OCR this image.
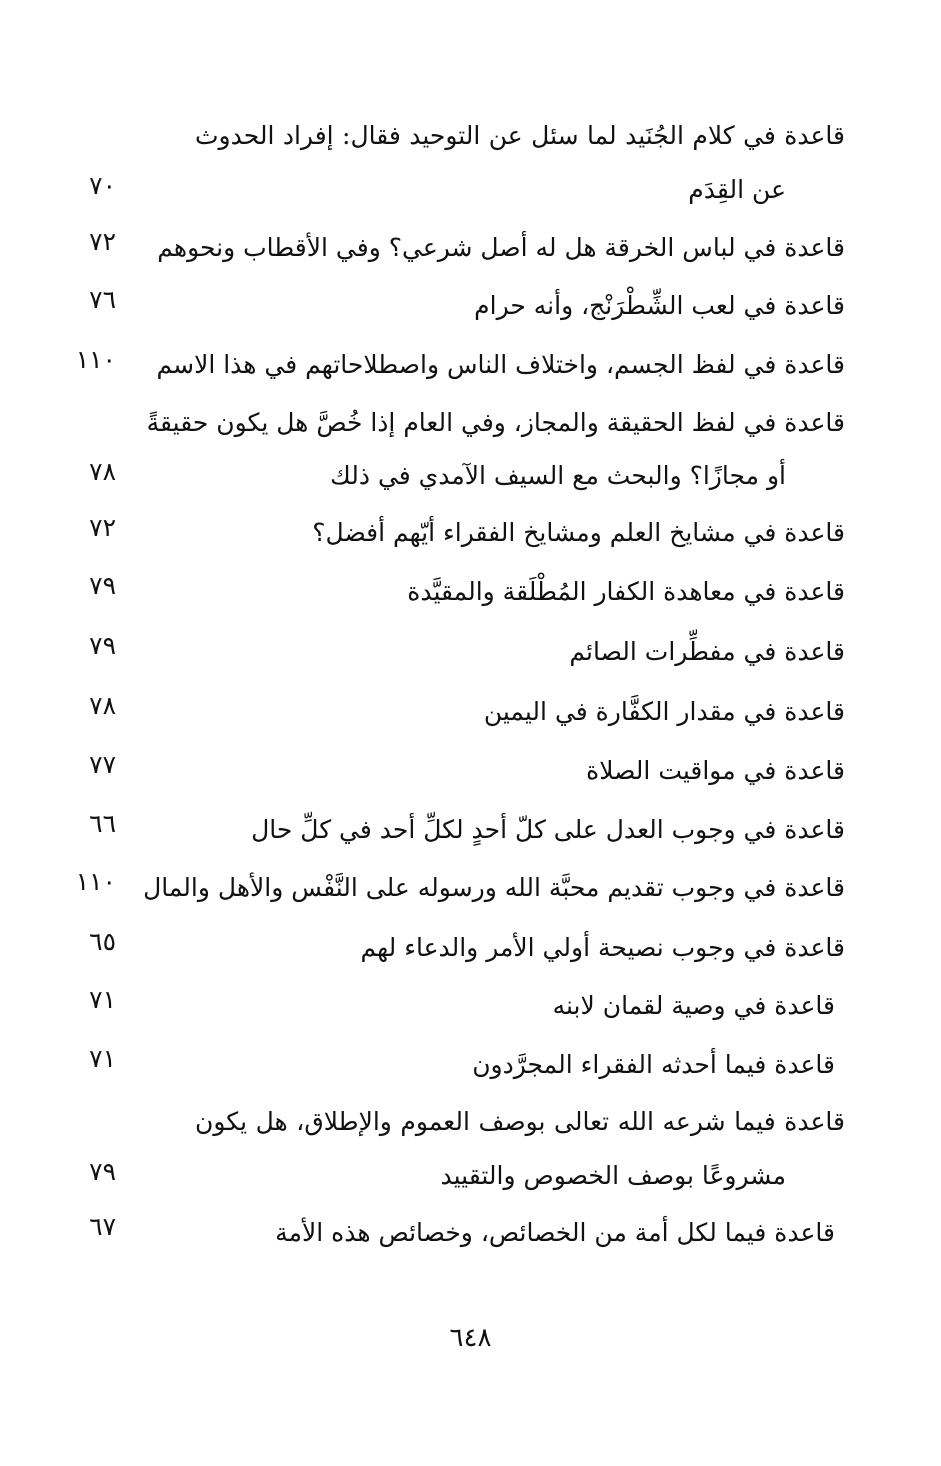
قاعدة في كلام الجُنَيد لما سئل عن التوحيد فقال: إفراد الحدوث
عن القِدَم
٧٠
قاعدة في لباس الخرقة هل له أصل شرعي؟ وفي الأقطاب ونحوهم
٧٢
قاعدة في لعب الشِّطْرَنْج، وأنه حرام
٧٦
قاعدة في لفظ الجسم، واختلاف الناس واصطلاحاتهم في هذا الاسم
١١٠
قاعدة في لفظ الحقيقة والمجاز، وفي العام إذا خُصَّ هل يكون حقيقةً
أو مجازًا؟ والبحث مع السيف الآمدي في ذلك
٧٨
قاعدة في مشايخ العلم ومشايخ الفقراء أيّهم أفضل؟
٧٢
قاعدة في معاهدة الكفار المُطْلَقة والمقيَّدة
٧٩
قاعدة في مفطِّرات الصائم
٧٩
قاعدة في مقدار الكفَّارة في اليمين
٧٨
قاعدة في مواقيت الصلاة
٧٧
قاعدة في وجوب العدل على كلّ أحدٍ لكلِّ أحد في كلِّ حال
٦٦
قاعدة في وجوب تقديم محبَّة الله ورسوله على النَّفْس والأهل والمال
١١٠
قاعدة في وجوب نصيحة أولي الأمر والدعاء لهم
٦٥
قاعدة في وصية لقمان لابنه
٧١
قاعدة فيما أحدثه الفقراء المجرَّدون
٧١
قاعدة فيما شرعه الله تعالى بوصف العموم والإطلاق، هل يكون
مشروعًا بوصف الخصوص والتقييد
٧٩
قاعدة فيما لكل أمة من الخصائص، وخصائص هذه الأمة
٦٧
٦٤٨
